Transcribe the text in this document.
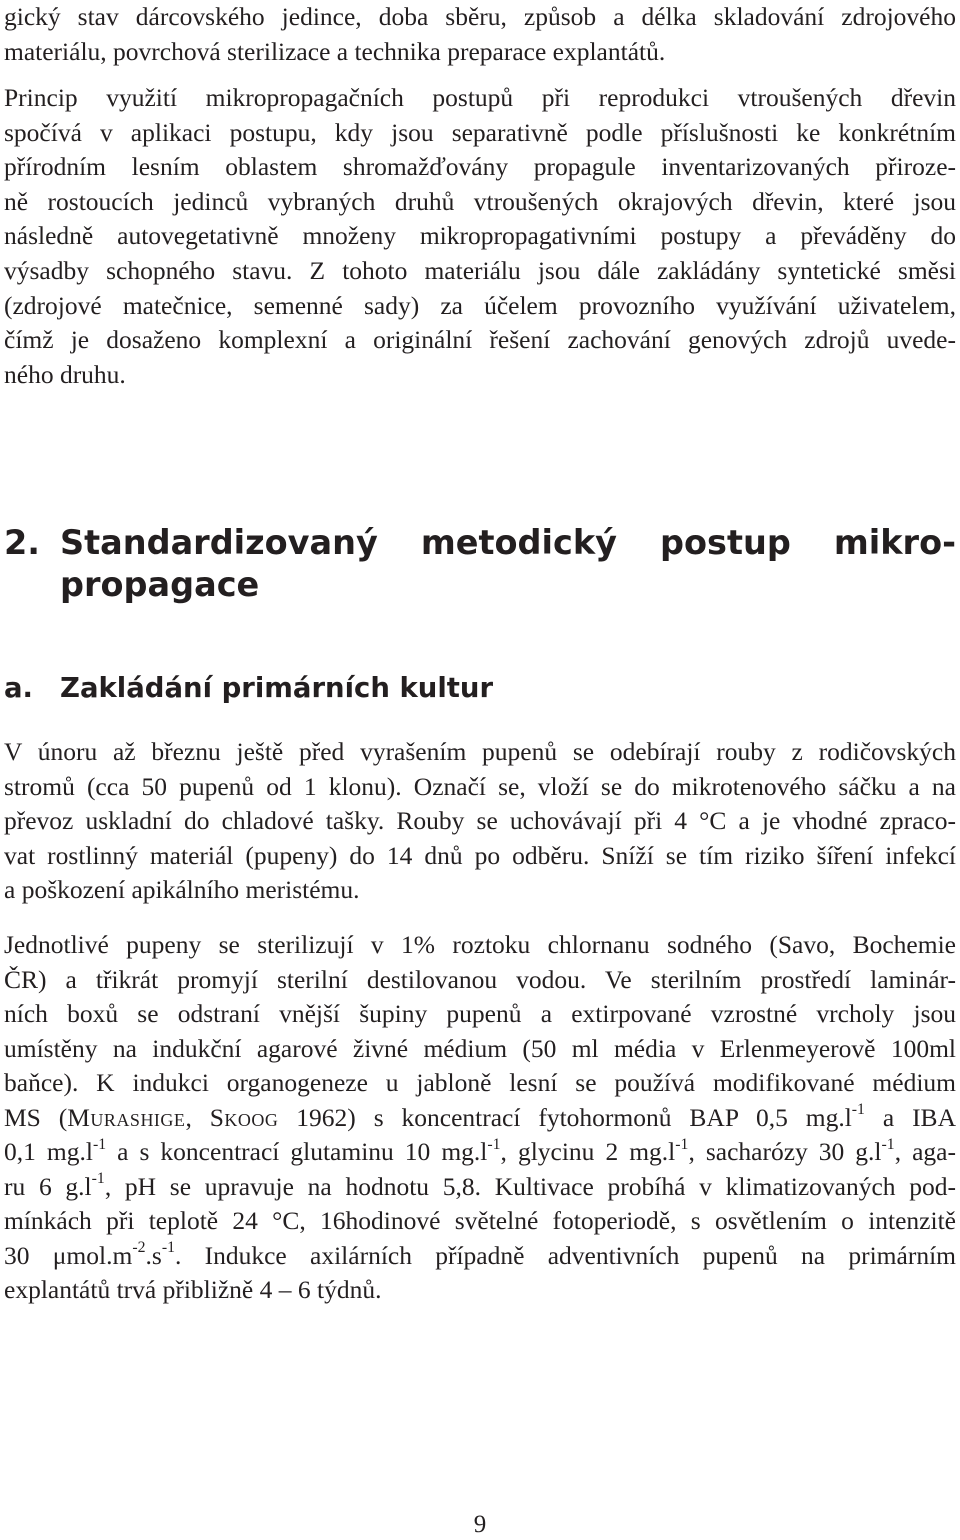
gický stav dárcovského jedince, doba sběru, způsob a délka skladování zdrojového
materiálu, povrchová sterilizace a technika preparace explantátů.
Princip využití mikropropagačních postupů při reprodukci vtroušených dřevin
spočívá v aplikaci postupu, kdy jsou separativně podle příslušnosti ke konkrétním
přírodním lesním oblastem shromažďovány propagule inventarizovaných přiroze-
ně rostoucích jedinců vybraných druhů vtroušených okrajových dřevin, které jsou
následně autovegetativně množeny mikropropagativními postupy a převáděny do
výsadby schopného stavu. Z tohoto materiálu jsou dále zakládány syntetické směsi
(zdrojové matečnice, semenné sady) za účelem provozního využívání uživatelem,
čímž je dosaženo komplexní a originální řešení zachování genových zdrojů uvede-
ného druhu.
2. Standardizovaný metodický postup mikro-
propagace
a. Zakládání primárních kultur
V únoru až březnu ještě před vyrašením pupenů se odebírají rouby z rodičovských
stromů (cca 50 pupenů od 1 klonu). Označí se, vloží se do mikrotenového sáčku a na
převoz uskladní do chladové tašky. Rouby se uchovávají při 4 °C a je vhodné zpraco-
vat rostlinný materiál (pupeny) do 14 dnů po odběru. Sníží se tím riziko šíření infekcí
a poškození apikálního meristému.
Jednotlivé pupeny se sterilizují v 1% roztoku chlornanu sodného (Savo, Bochemie
ČR) a třikrát promyjí sterilní destilovanou vodou. Ve sterilním prostředí laminár-
ních boxů se odstraní vnější šupiny pupenů a extirpované vzrostné vrcholy jsou
umístěny na indukční agarové živné médium (50 ml média v Erlenmeyerově 100ml
baňce). K indukci organogeneze u jabloně lesní se používá modifikované médium
MS (Murashige, Skoog 1962) s koncentrací fytohormonů BAP 0,5 $mg.l^{-1}$ a IBA
0,1 $mg.l^{-1}$ a s koncentrací glutaminu 10 $mg.l^{-1}$, glycinu 2 $mg.l^{-1}$, sacharózy 30 $g.l^{-1}$, aga-
ru 6 $g.l^{-1}$, pH se upravuje na hodnotu 5,8. Kultivace probíhá v klimatizovaných pod-
mínkách při teplotě 24 °C, 16hodinové světelné fotoperiodě, s osvětlením o intenzitě
30 $\mu mol.m^{-2}.s^{-1}$. Indukce axilárních případně adventivních pupenů na primárním
explantátů trvá přibližně 4 – 6 týdnů.
9
